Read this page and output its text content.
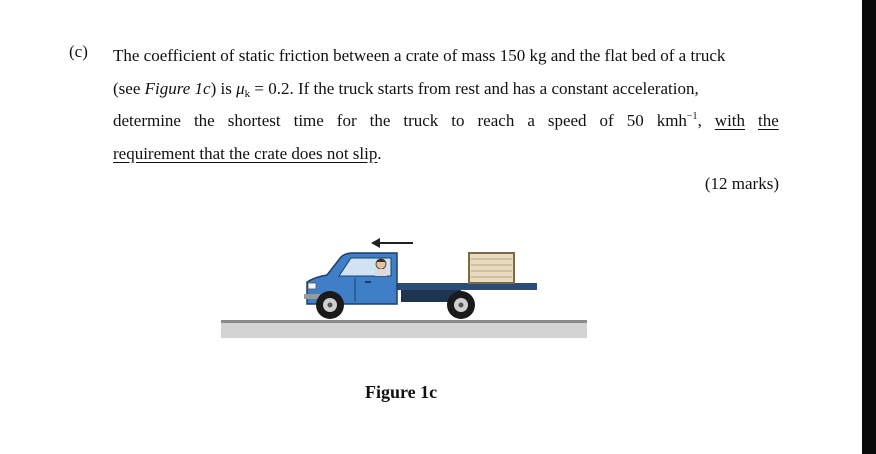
(c) The coefficient of static friction between a crate of mass 150 kg and the flat bed of a truck
(see Figure 1c) is $\mu_k = 0.2$. If the truck starts from rest and has a constant acceleration,
determine the shortest time for the truck to reach a speed of 50 kmh$^{-1}$, with the
requirement that the crate does not slip.
(12 marks)
Figure 1c
